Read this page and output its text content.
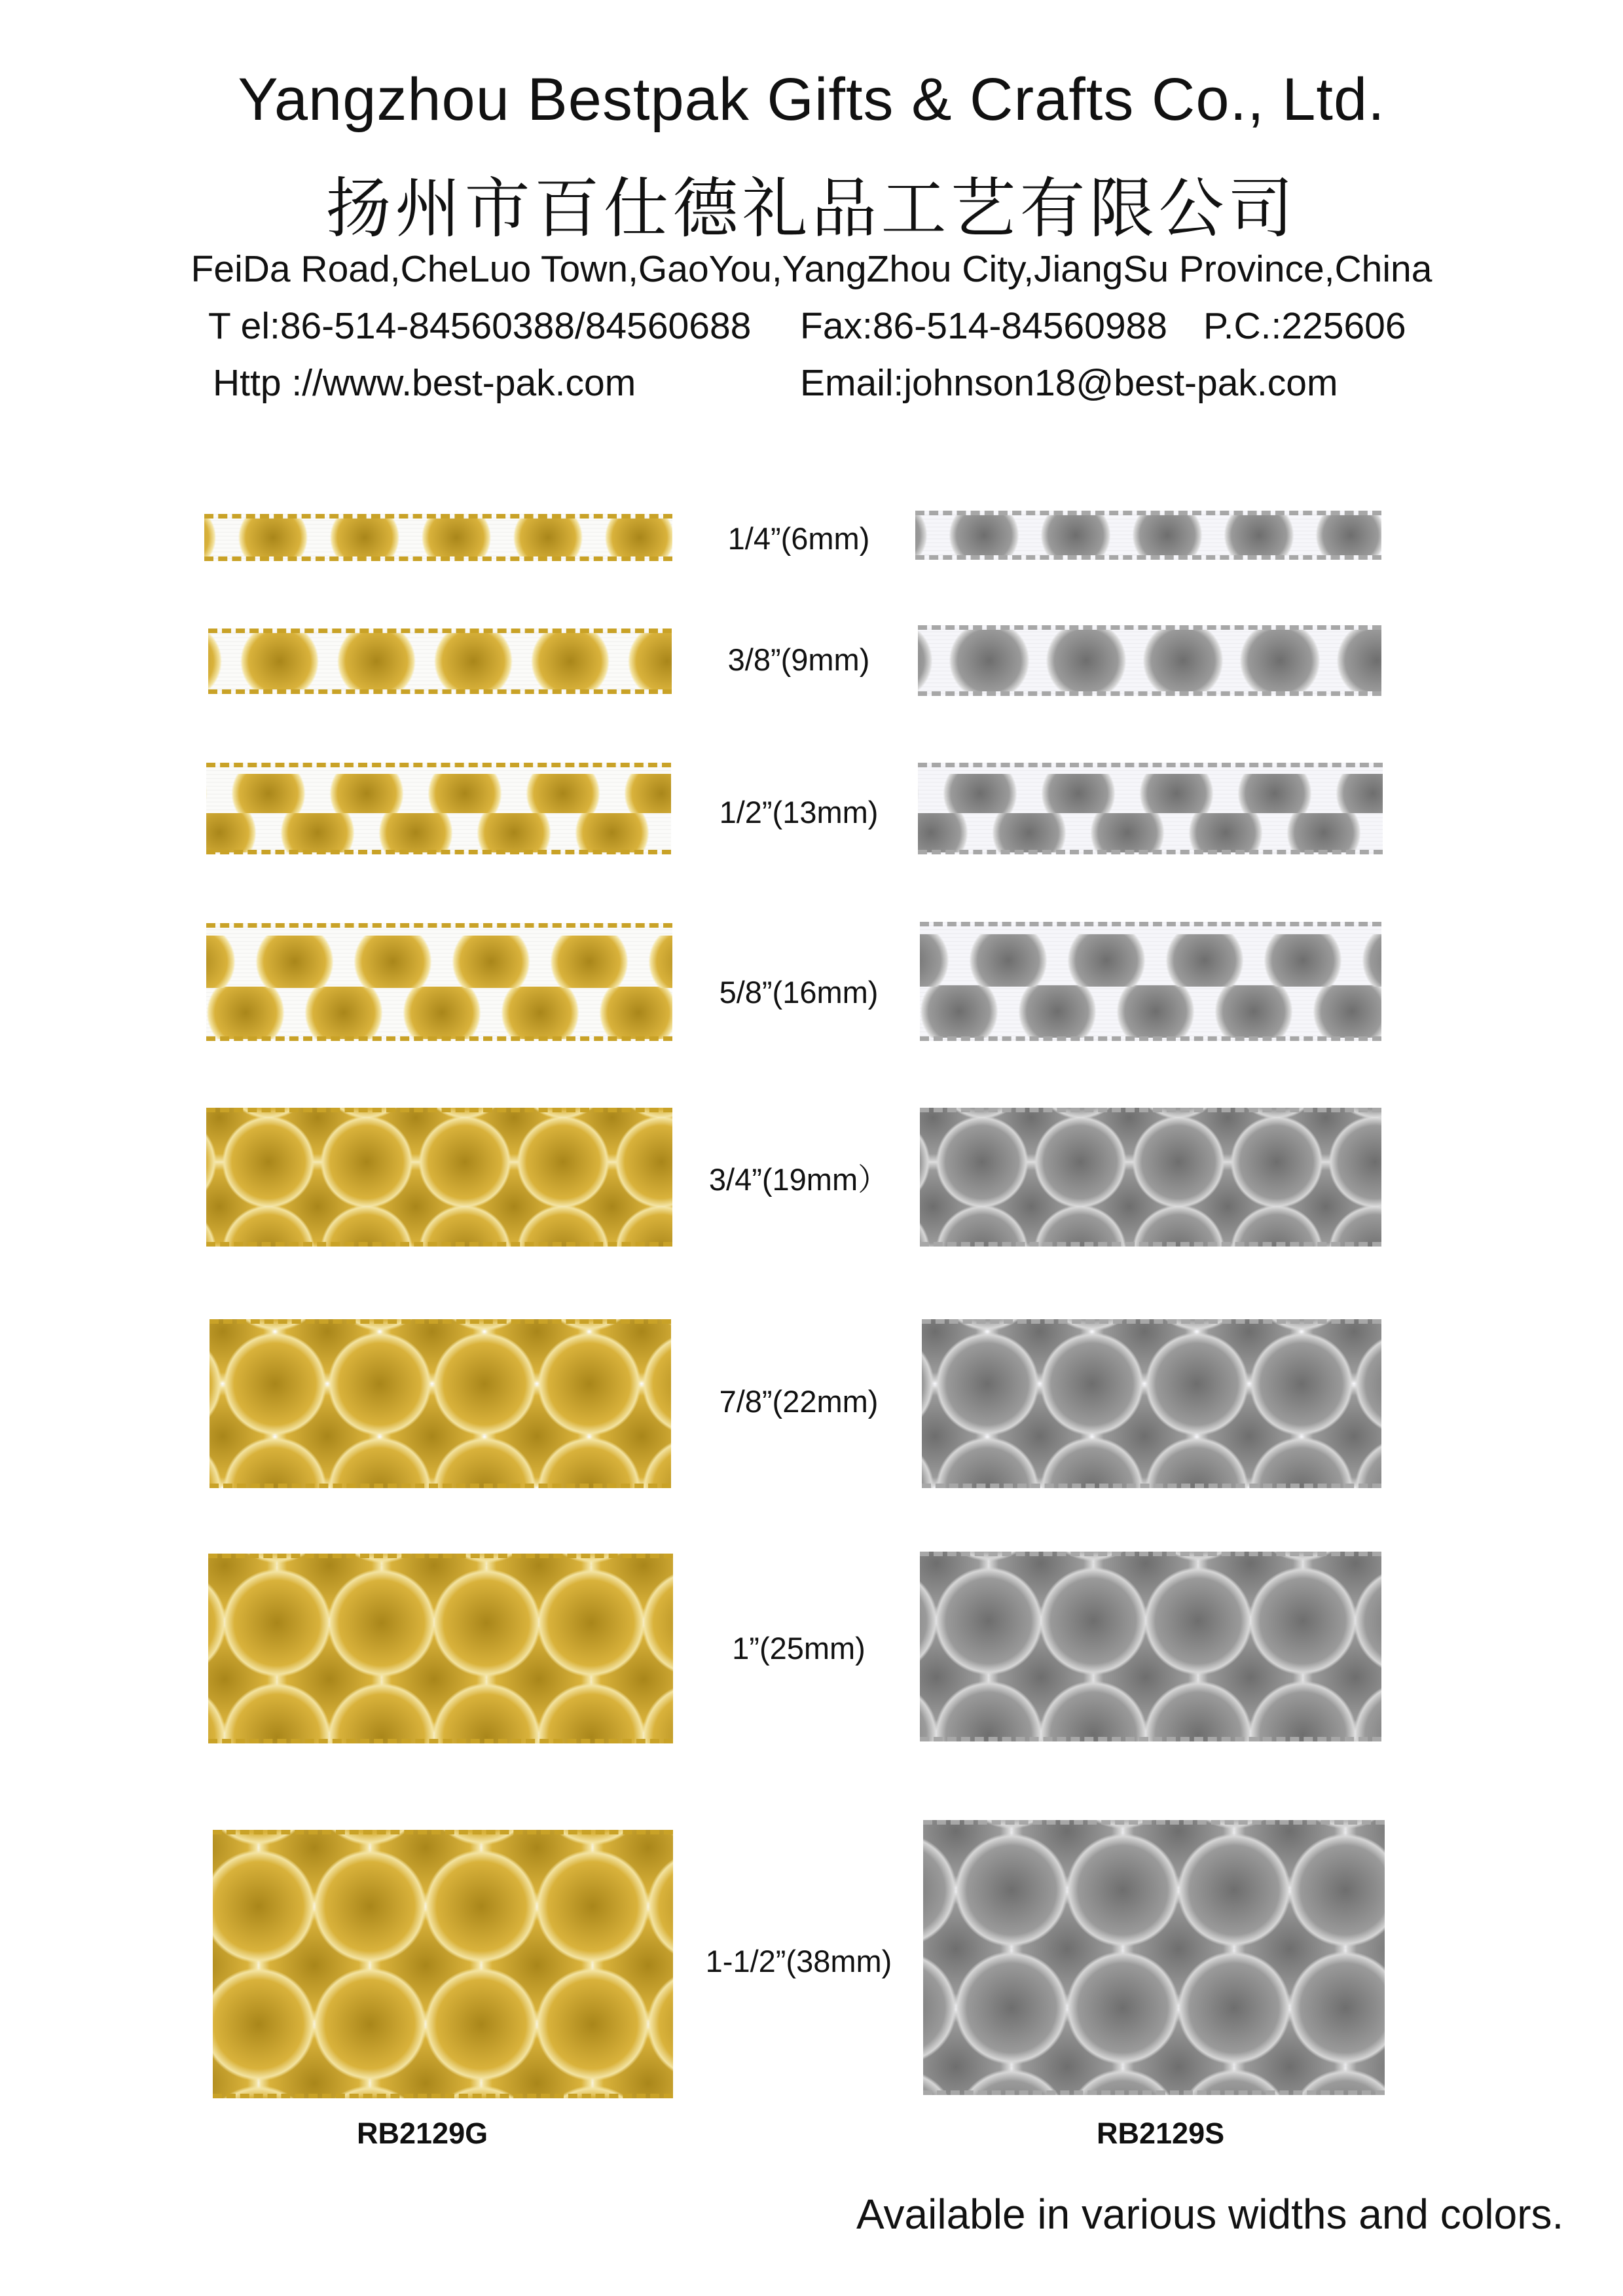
Yangzhou Bestpak Gifts & Crafts Co., Ltd.
扬州市百仕德礼品工艺有限公司
FeiDa Road,CheLuo Town,GaoYou,YangZhou City,JiangSu Province,China
T el:86-514-84560388/84560688 Fax:86-514-84560988 P.C.:225606
Http ://www.best-pak.com	Email:johnson18@best-pak.com
1/4”(6mm)
3/8”(9mm)
1/2”(13mm)
5/8”(16mm)
3/4”(19mm）
7/8”(22mm)
1”(25mm)
1-1/2”(38mm)
RB2129G	RB2129S
Available in various widths and colors.
